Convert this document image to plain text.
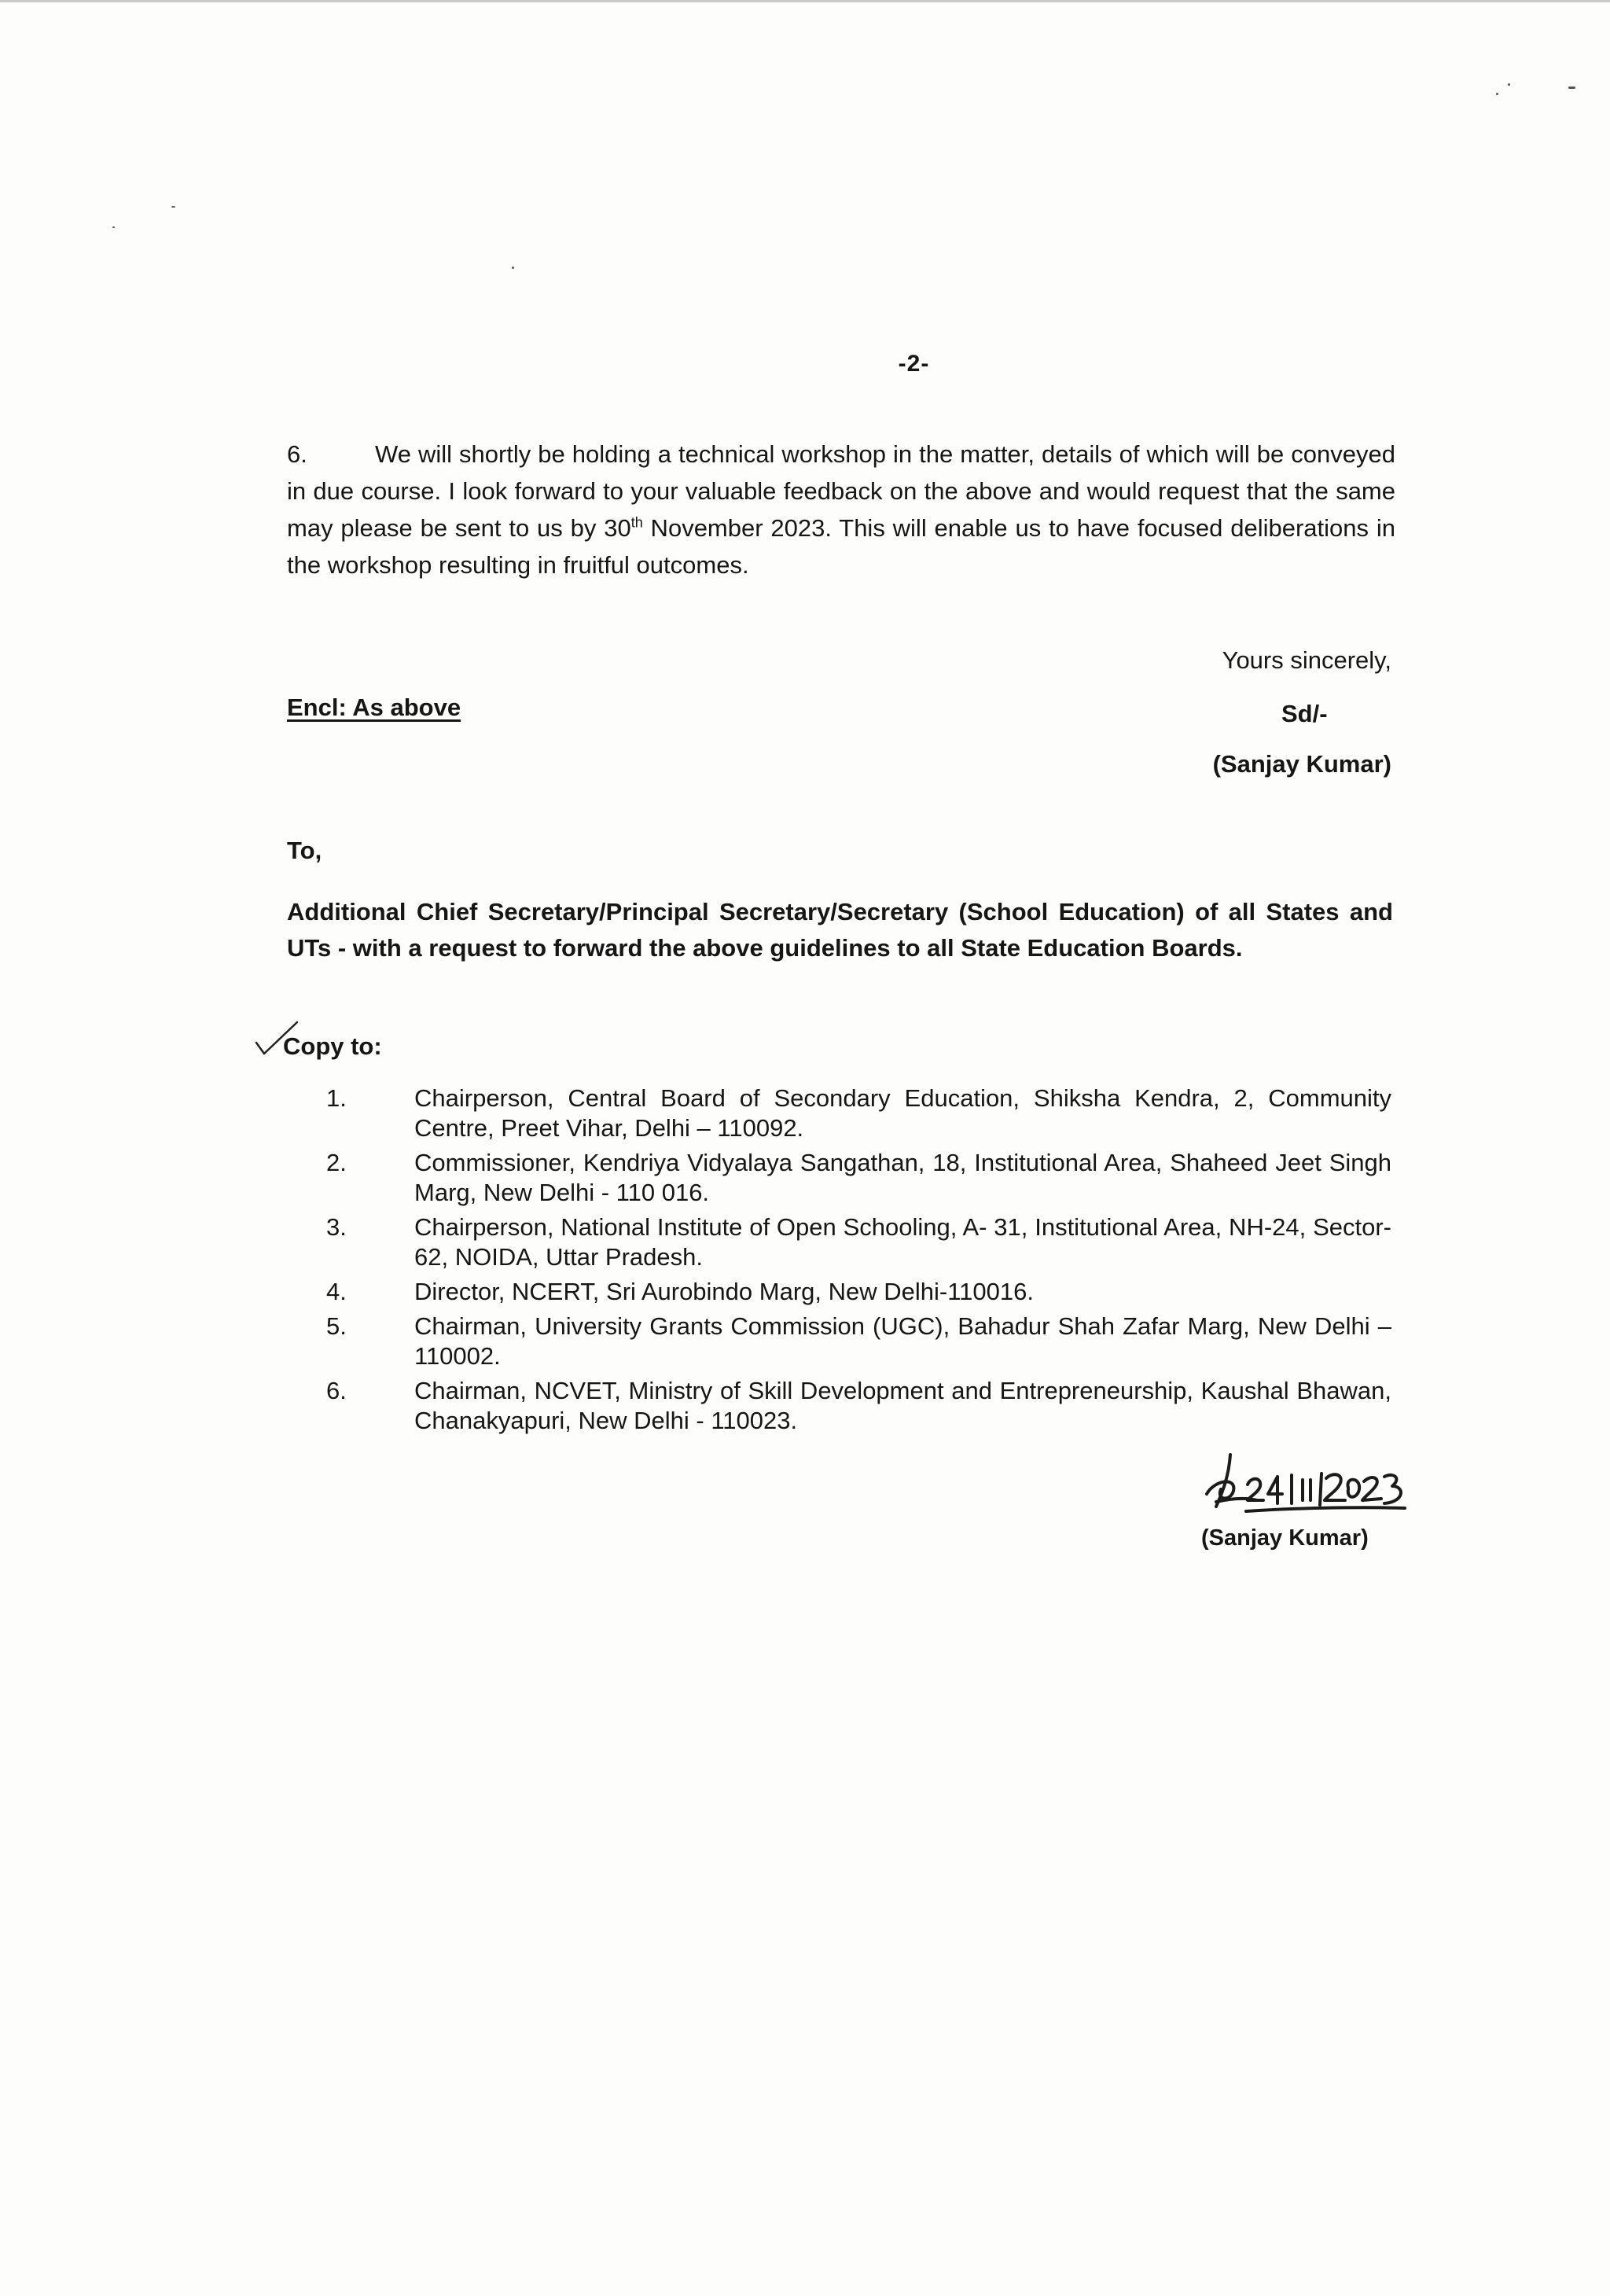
-2-
6.	We will shortly be holding a technical workshop in the matter, details of which will be conveyed in due course. I look forward to your valuable feedback on the above and would request that the same may please be sent to us by 30th November 2023. This will enable us to have focused deliberations in the workshop resulting in fruitful outcomes.
Yours sincerely,
Encl: As above	Sd/-
(Sanjay Kumar)
To,
Additional Chief Secretary/Principal Secretary/Secretary (School Education) of all States and UTs - with a request to forward the above guidelines to all State Education Boards.
Copy to:
1.	Chairperson, Central Board of Secondary Education, Shiksha Kendra, 2, Community Centre, Preet Vihar, Delhi – 110092.
2.	Commissioner, Kendriya Vidyalaya Sangathan, 18, Institutional Area, Shaheed Jeet Singh Marg, New Delhi - 110 016.
3.	Chairperson, National Institute of Open Schooling, A- 31, Institutional Area, NH-24, Sector-62, NOIDA, Uttar Pradesh.
4.	Director, NCERT, Sri Aurobindo Marg, New Delhi-110016.
5.	Chairman, University Grants Commission (UGC), Bahadur Shah Zafar Marg, New Delhi – 110002.
6.	Chairman, NCVET, Ministry of Skill Development and Entrepreneurship, Kaushal Bhawan, Chanakyapuri, New Delhi - 110023.
(Sanjay Kumar)
